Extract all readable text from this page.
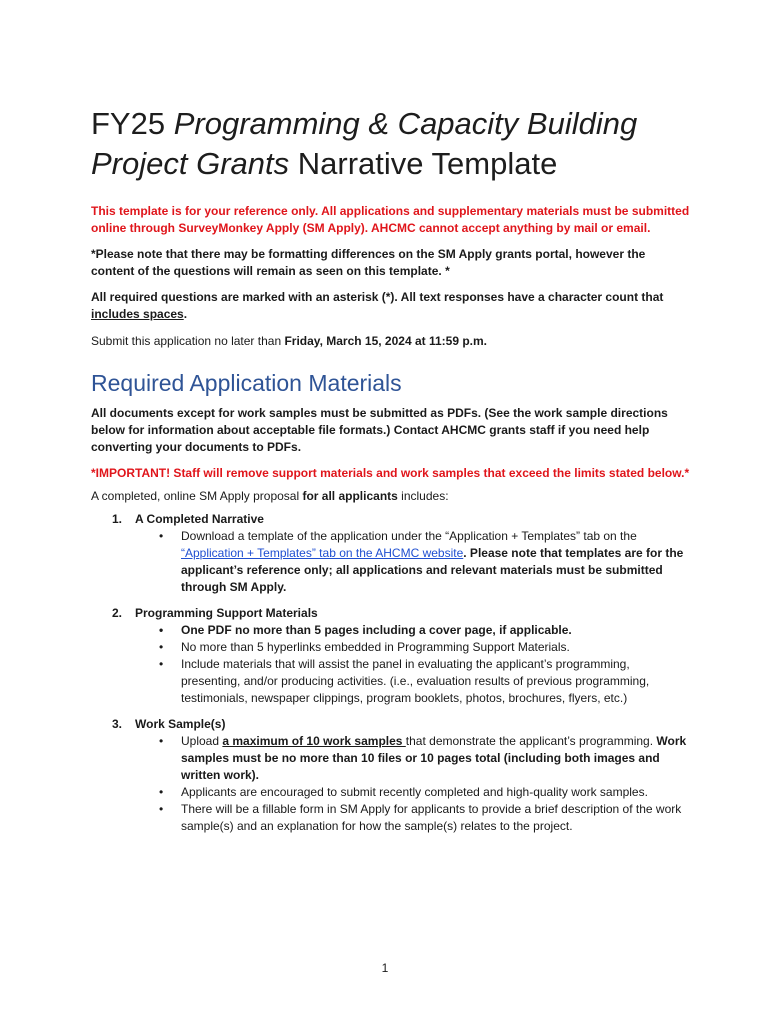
FY25 Programming & Capacity Building Project Grants Narrative Template

This template is for your reference only. All applications and supplementary materials must be submitted online through SurveyMonkey Apply (SM Apply). AHCMC cannot accept anything by mail or email.

*Please note that there may be formatting differences on the SM Apply grants portal, however the content of the questions will remain as seen on this template. *

All required questions are marked with an asterisk (*). All text responses have a character count that includes spaces.

Submit this application no later than Friday, March 15, 2024 at 11:59 p.m.

Required Application Materials

All documents except for work samples must be submitted as PDFs. (See the work sample directions below for information about acceptable file formats.) Contact AHCMC grants staff if you need help converting your documents to PDFs.

*IMPORTANT! Staff will remove support materials and work samples that exceed the limits stated below.*

A completed, online SM Apply proposal for all applicants includes:

1. A Completed Narrative
• Download a template of the application under the “Application + Templates” tab on the “Application + Templates” tab on the AHCMC website. Please note that templates are for the applicant’s reference only; all applications and relevant materials must be submitted through SM Apply.
2. Programming Support Materials
• One PDF no more than 5 pages including a cover page, if applicable.
• No more than 5 hyperlinks embedded in Programming Support Materials.
• Include materials that will assist the panel in evaluating the applicant’s programming, presenting, and/or producing activities. (i.e., evaluation results of previous programming, testimonials, newspaper clippings, program booklets, photos, brochures, flyers, etc.)
3. Work Sample(s)
• Upload a maximum of 10 work samples that demonstrate the applicant’s programming. Work samples must be no more than 10 files or 10 pages total (including both images and written work).
• Applicants are encouraged to submit recently completed and high-quality work samples.
• There will be a fillable form in SM Apply for applicants to provide a brief description of the work sample(s) and an explanation for how the sample(s) relates to the project.
1
